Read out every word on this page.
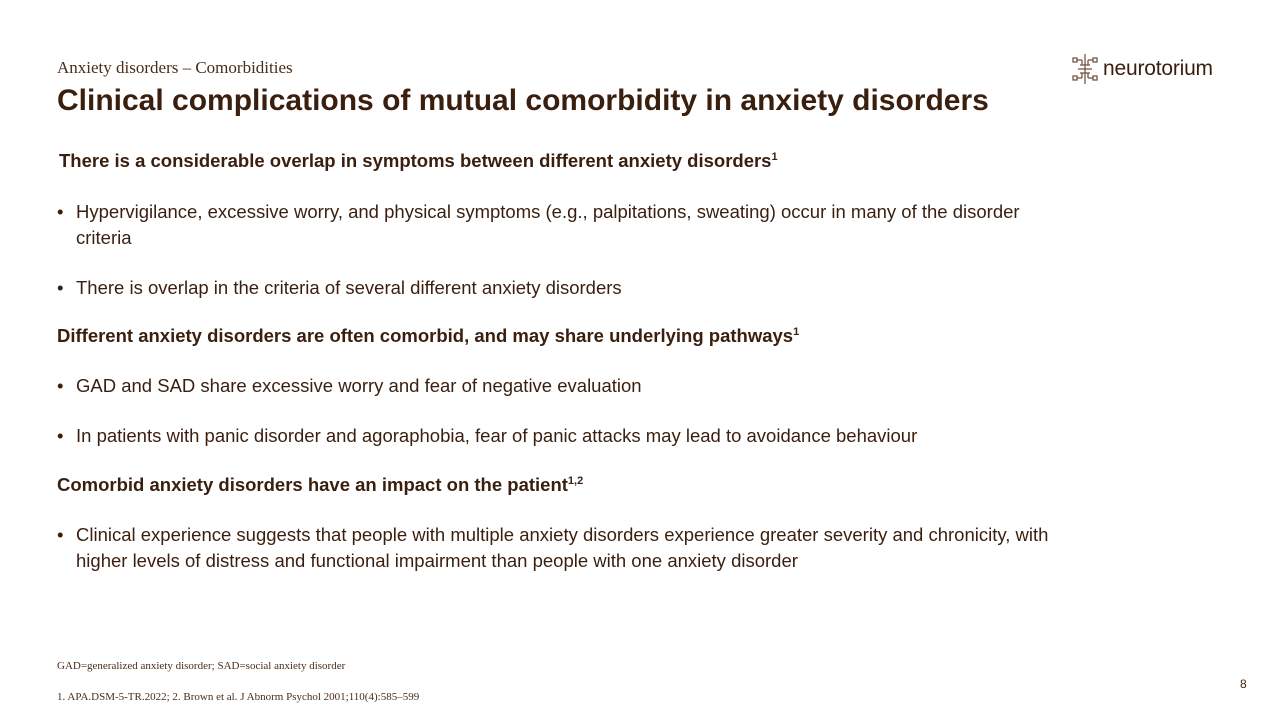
Anxiety disorders – Comorbidities
Clinical complications of mutual comorbidity in anxiety disorders
neurotorium
There is a considerable overlap in symptoms between different anxiety disorders$^1$
• Hypervigilance, excessive worry, and physical symptoms (e.g., palpitations, sweating) occur in many of the disorder criteria
• There is overlap in the criteria of several different anxiety disorders
Different anxiety disorders are often comorbid, and may share underlying pathways$^1$
• GAD and SAD share excessive worry and fear of negative evaluation
• In patients with panic disorder and agoraphobia, fear of panic attacks may lead to avoidance behaviour
Comorbid anxiety disorders have an impact on the patient$^{1,2}$
• Clinical experience suggests that people with multiple anxiety disorders experience greater severity and chronicity, with higher levels of distress and functional impairment than people with one anxiety disorder
GAD=generalized anxiety disorder; SAD=social anxiety disorder
1. APA.DSM-5-TR.2022; 2. Brown et al. J Abnorm Psychol 2001;110(4):585–599
8
